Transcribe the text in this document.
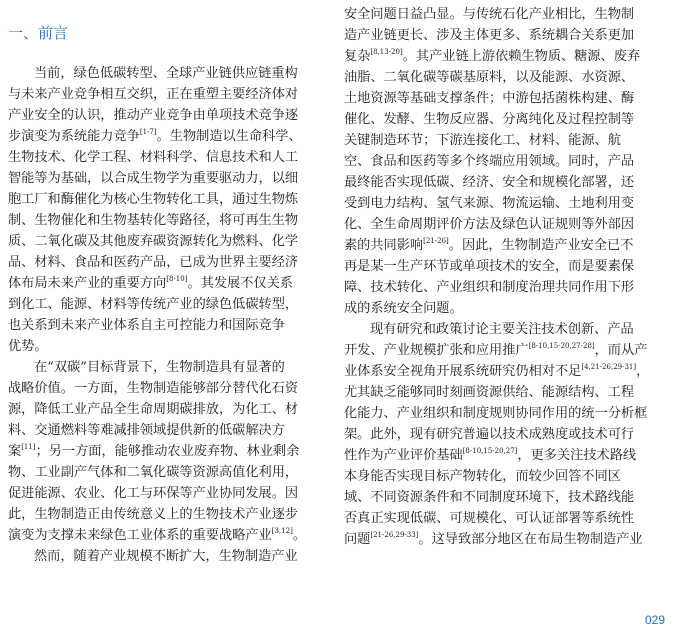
一、前言
当前，绿色低碳转型、全球产业链供应链重构
与未来产业竞争相互交织，正在重塑主要经济体对
产业安全的认识，推动产业竞争由单项技术竞争逐
步演变为系统能力竞争[1-7]。生物制造以生命科学、
生物技术、化学工程、材料科学、信息技术和人工
智能等为基础，以合成生物学为重要驱动力，以细
胞工厂和酶催化为核心生物转化工具，通过生物炼
制、生物催化和生物基转化等路径，将可再生生物
质、二氧化碳及其他废弃碳资源转化为燃料、化学
品、材料、食品和医药产品，已成为世界主要经济
体布局未来产业的重要方向[8-10]。其发展不仅关系
到化工、能源、材料等传统产业的绿色低碳转型，
也关系到未来产业体系自主可控能力和国际竞争
优势。
在“双碳”目标背景下，生物制造具有显著的
战略价值。一方面，生物制造能够部分替代化石资
源，降低工业产品全生命周期碳排放，为化工、材
料、交通燃料等难减排领域提供新的低碳解决方
案[11]；另一方面，能够推动农业废弃物、林业剩余
物、工业副产气体和二氧化碳等资源高值化利用，
促进能源、农业、化工与环保等产业协同发展。因
此，生物制造正由传统意义上的生物技术产业逐步
演变为支撑未来绿色工业体系的重要战略产业[3,12]。
然而，随着产业规模不断扩大，生物制造产业
安全问题日益凸显。与传统石化产业相比，生物制
造产业链更长、涉及主体更多、系统耦合关系更加
复杂[8,13-20]。其产业链上游依赖生物质、糖源、废弃
油脂、二氧化碳等碳基原料，以及能源、水资源、
土地资源等基础支撑条件；中游包括菌株构建、酶
催化、发酵、生物反应器、分离纯化及过程控制等
关键制造环节；下游连接化工、材料、能源、航
空、食品和医药等多个终端应用领域。同时，产品
最终能否实现低碳、经济、安全和规模化部署，还
受到电力结构、氢气来源、物流运输、土地利用变
化、全生命周期评价方法及绿色认证规则等外部因
素的共同影响[21-26]。因此，生物制造产业安全已不
再是某一生产环节或单项技术的安全，而是要素保
障、技术转化、产业组织和制度治理共同作用下形
成的系统安全问题。
现有研究和政策讨论主要关注技术创新、产品
开发、产业规模扩张和应用推广[8-10,15-20,27-28]，而从产
业体系安全视角开展系统研究仍相对不足[4,21-26,29-31]，
尤其缺乏能够同时刻画资源供给、能源结构、工程
化能力、产业组织和制度规则协同作用的统一分析框
架。此外，现有研究普遍以技术成熟度或技术可行
性作为产业评价基础[8-10,15-20,27]，更多关注技术路线
本身能否实现目标产物转化，而较少回答不同区
域、不同资源条件和不同制度环境下，技术路线能
否真正实现低碳、可规模化、可认证部署等系统性
问题[21-26,29-33]。这导致部分地区在布局生物制造产业
029
